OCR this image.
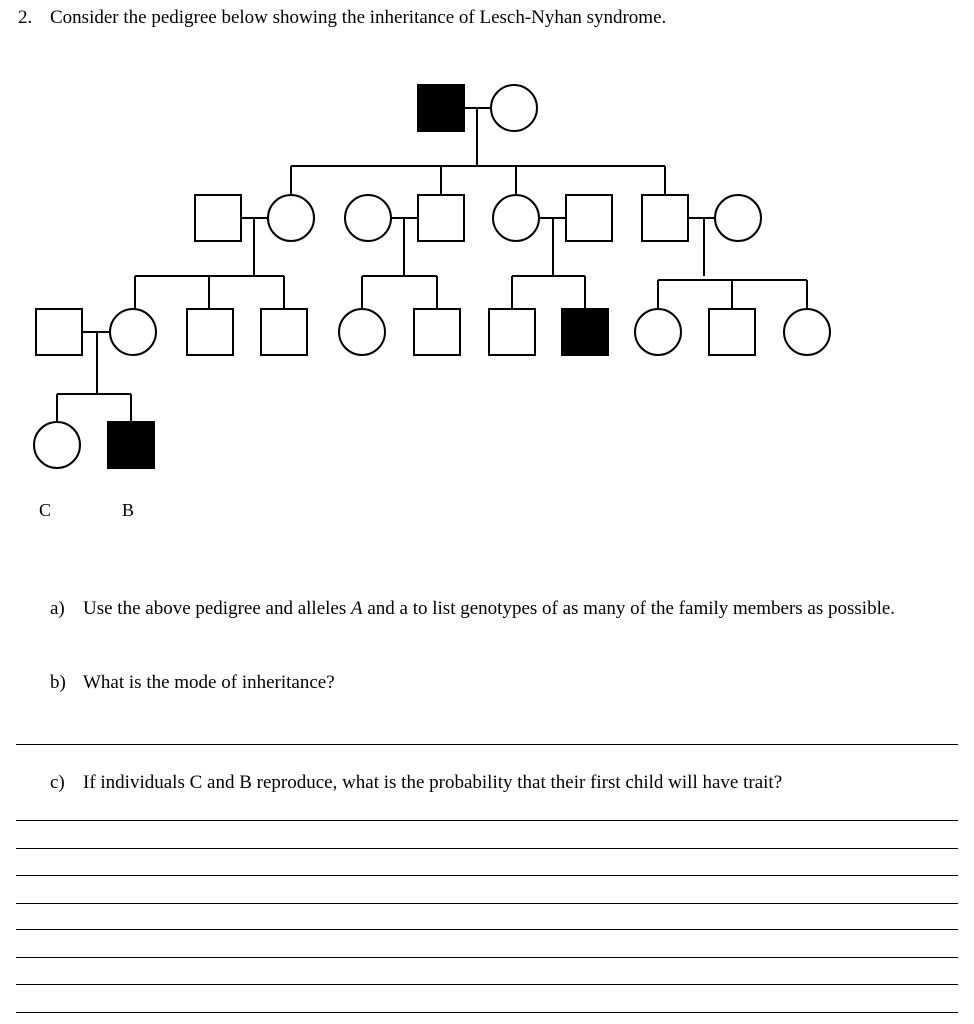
2. Consider the pedigree below showing the inheritance of Lesch-Nyhan syndrome.
C	B
a) Use the above pedigree and alleles A and a to list genotypes of as many of the family members as possible.
b) What is the mode of inheritance?
c) If individuals C and B reproduce, what is the probability that their first child will have trait?
